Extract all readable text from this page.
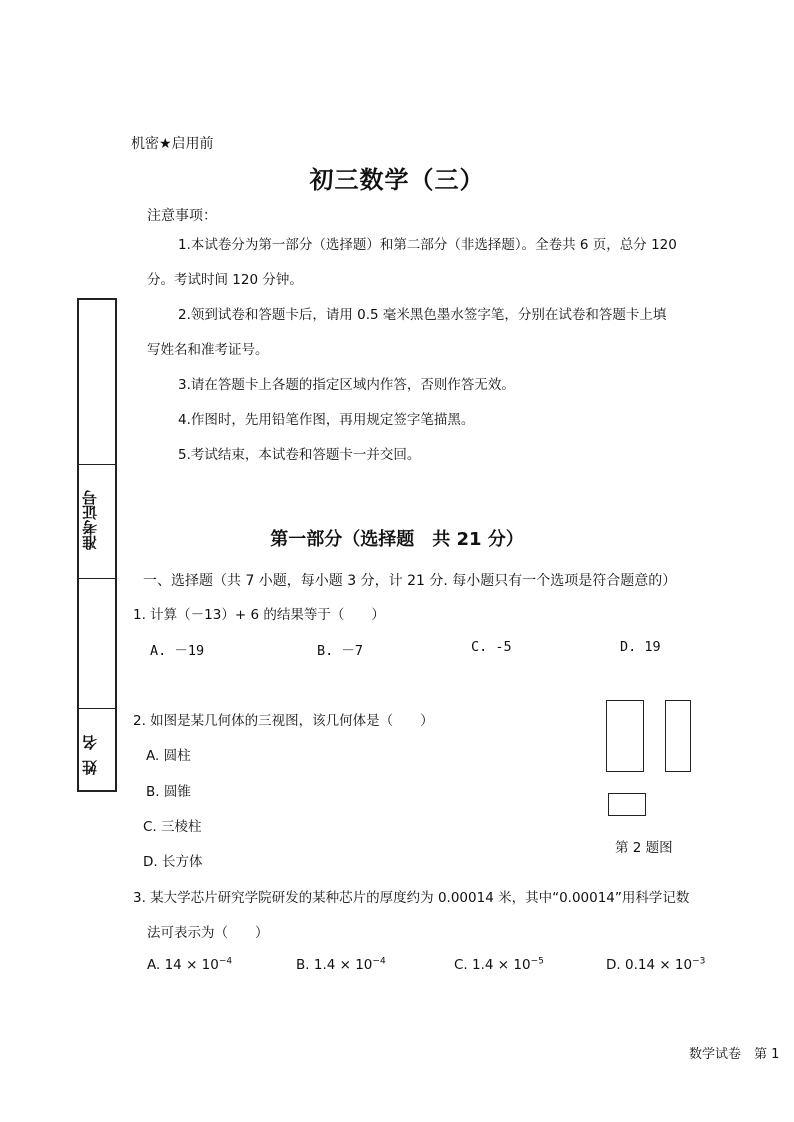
机密★启用前
初三数学（三）
注意事项：
1.本试卷分为第一部分（选择题）和第二部分（非选择题）。全卷共 6 页，总分 120
分。考试时间 120 分钟。
2.领到试卷和答题卡后，请用 0.5 毫米黑色墨水签字笔，分别在试卷和答题卡上填
写姓名和准考证号。
3.请在答题卡上各题的指定区域内作答，否则作答无效。
4.作图时，先用铅笔作图，再用规定签字笔描黑。
5.考试结束，本试卷和答题卡一并交回。
准考证号
姓名
第一部分（选择题　共 21 分）
一、选择题（共 7 小题，每小题 3 分，计 21 分. 每小题只有一个选项是符合题意的）
1. 计算（－13）+ 6 的结果等于（　　）
A. －19	B. －7	C. -5	D. 19
2. 如图是某几何体的三视图，该几何体是（　　）
A. 圆柱
B. 圆锥
C. 三棱柱
D. 长方体
第 2 题图
3. 某大学芯片研究学院研发的某种芯片的厚度约为 0.00014 米，其中“0.00014”用科学记数
法可表示为（　　）
A. $14 \times 10^{-4}$	B. $1.4 \times 10^{-4}$	C. $1.4 \times 10^{-5}$	D. $0.14 \times 10^{-3}$
数学试卷　第 1
